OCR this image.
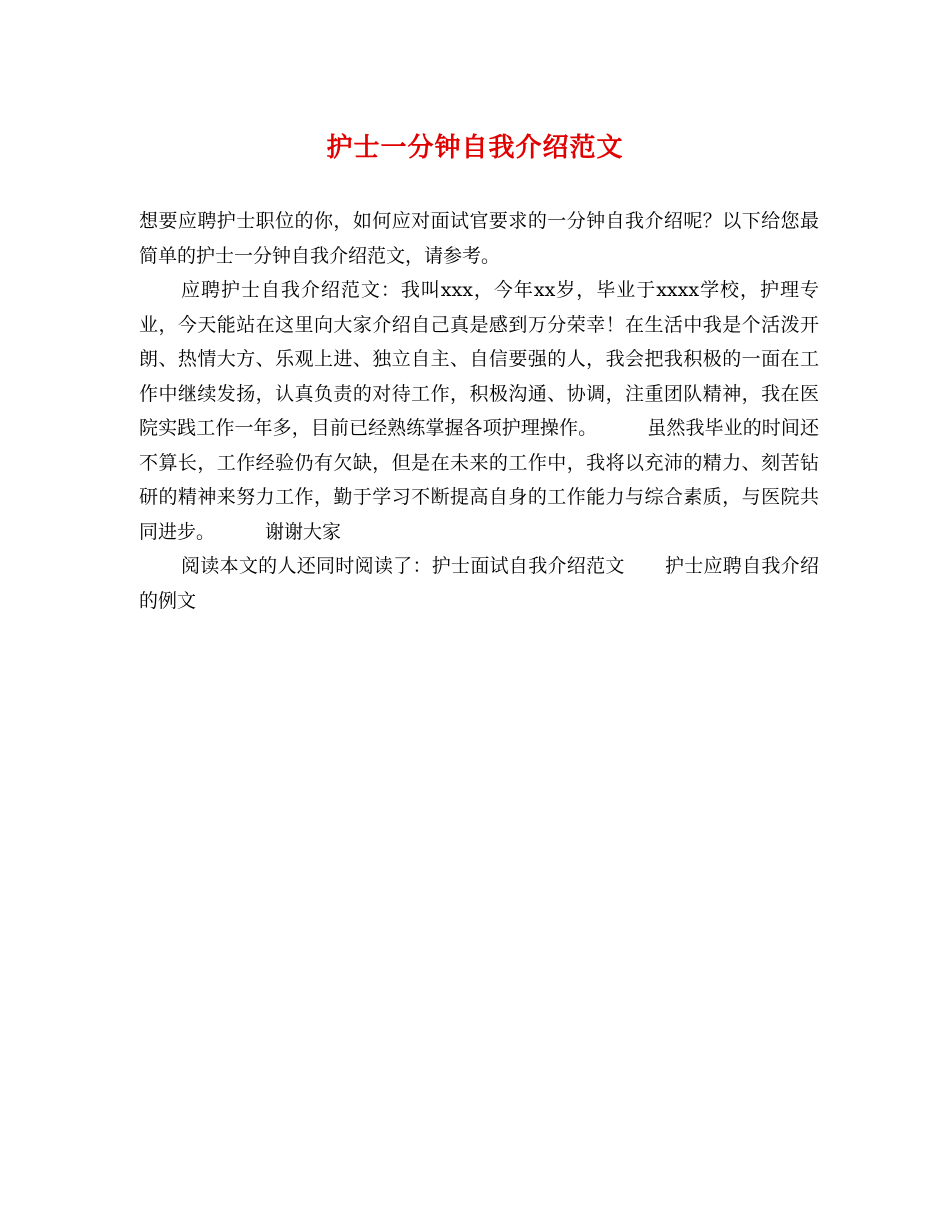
护士一分钟自我介绍范文

想要应聘护士职位的你，如何应对面试官要求的一分钟自我介绍呢？以下给您最简单的护士一分钟自我介绍范文，请参考。

应聘护士自我介绍范文：我叫xxx，今年xx岁，毕业于xxxx学校，护理专业，今天能站在这里向大家介绍自己真是感到万分荣幸！在生活中我是个活泼开朗、热情大方、乐观上进、独立自主、自信要强的人，我会把我积极的一面在工作中继续发扬，认真负责的对待工作，积极沟通、协调，注重团队精神，我在医院实践工作一年多，目前已经熟练掌握各项护理操作。	虽然我毕业的时间还不算长，工作经验仍有欠缺，但是在未来的工作中，我将以充沛的精力、刻苦钻研的精神来努力工作，勤于学习不断提高自身的工作能力与综合素质，与医院共同进步。	谢谢大家

阅读本文的人还同时阅读了：护士面试自我介绍范文 护士应聘自我介绍的例文
